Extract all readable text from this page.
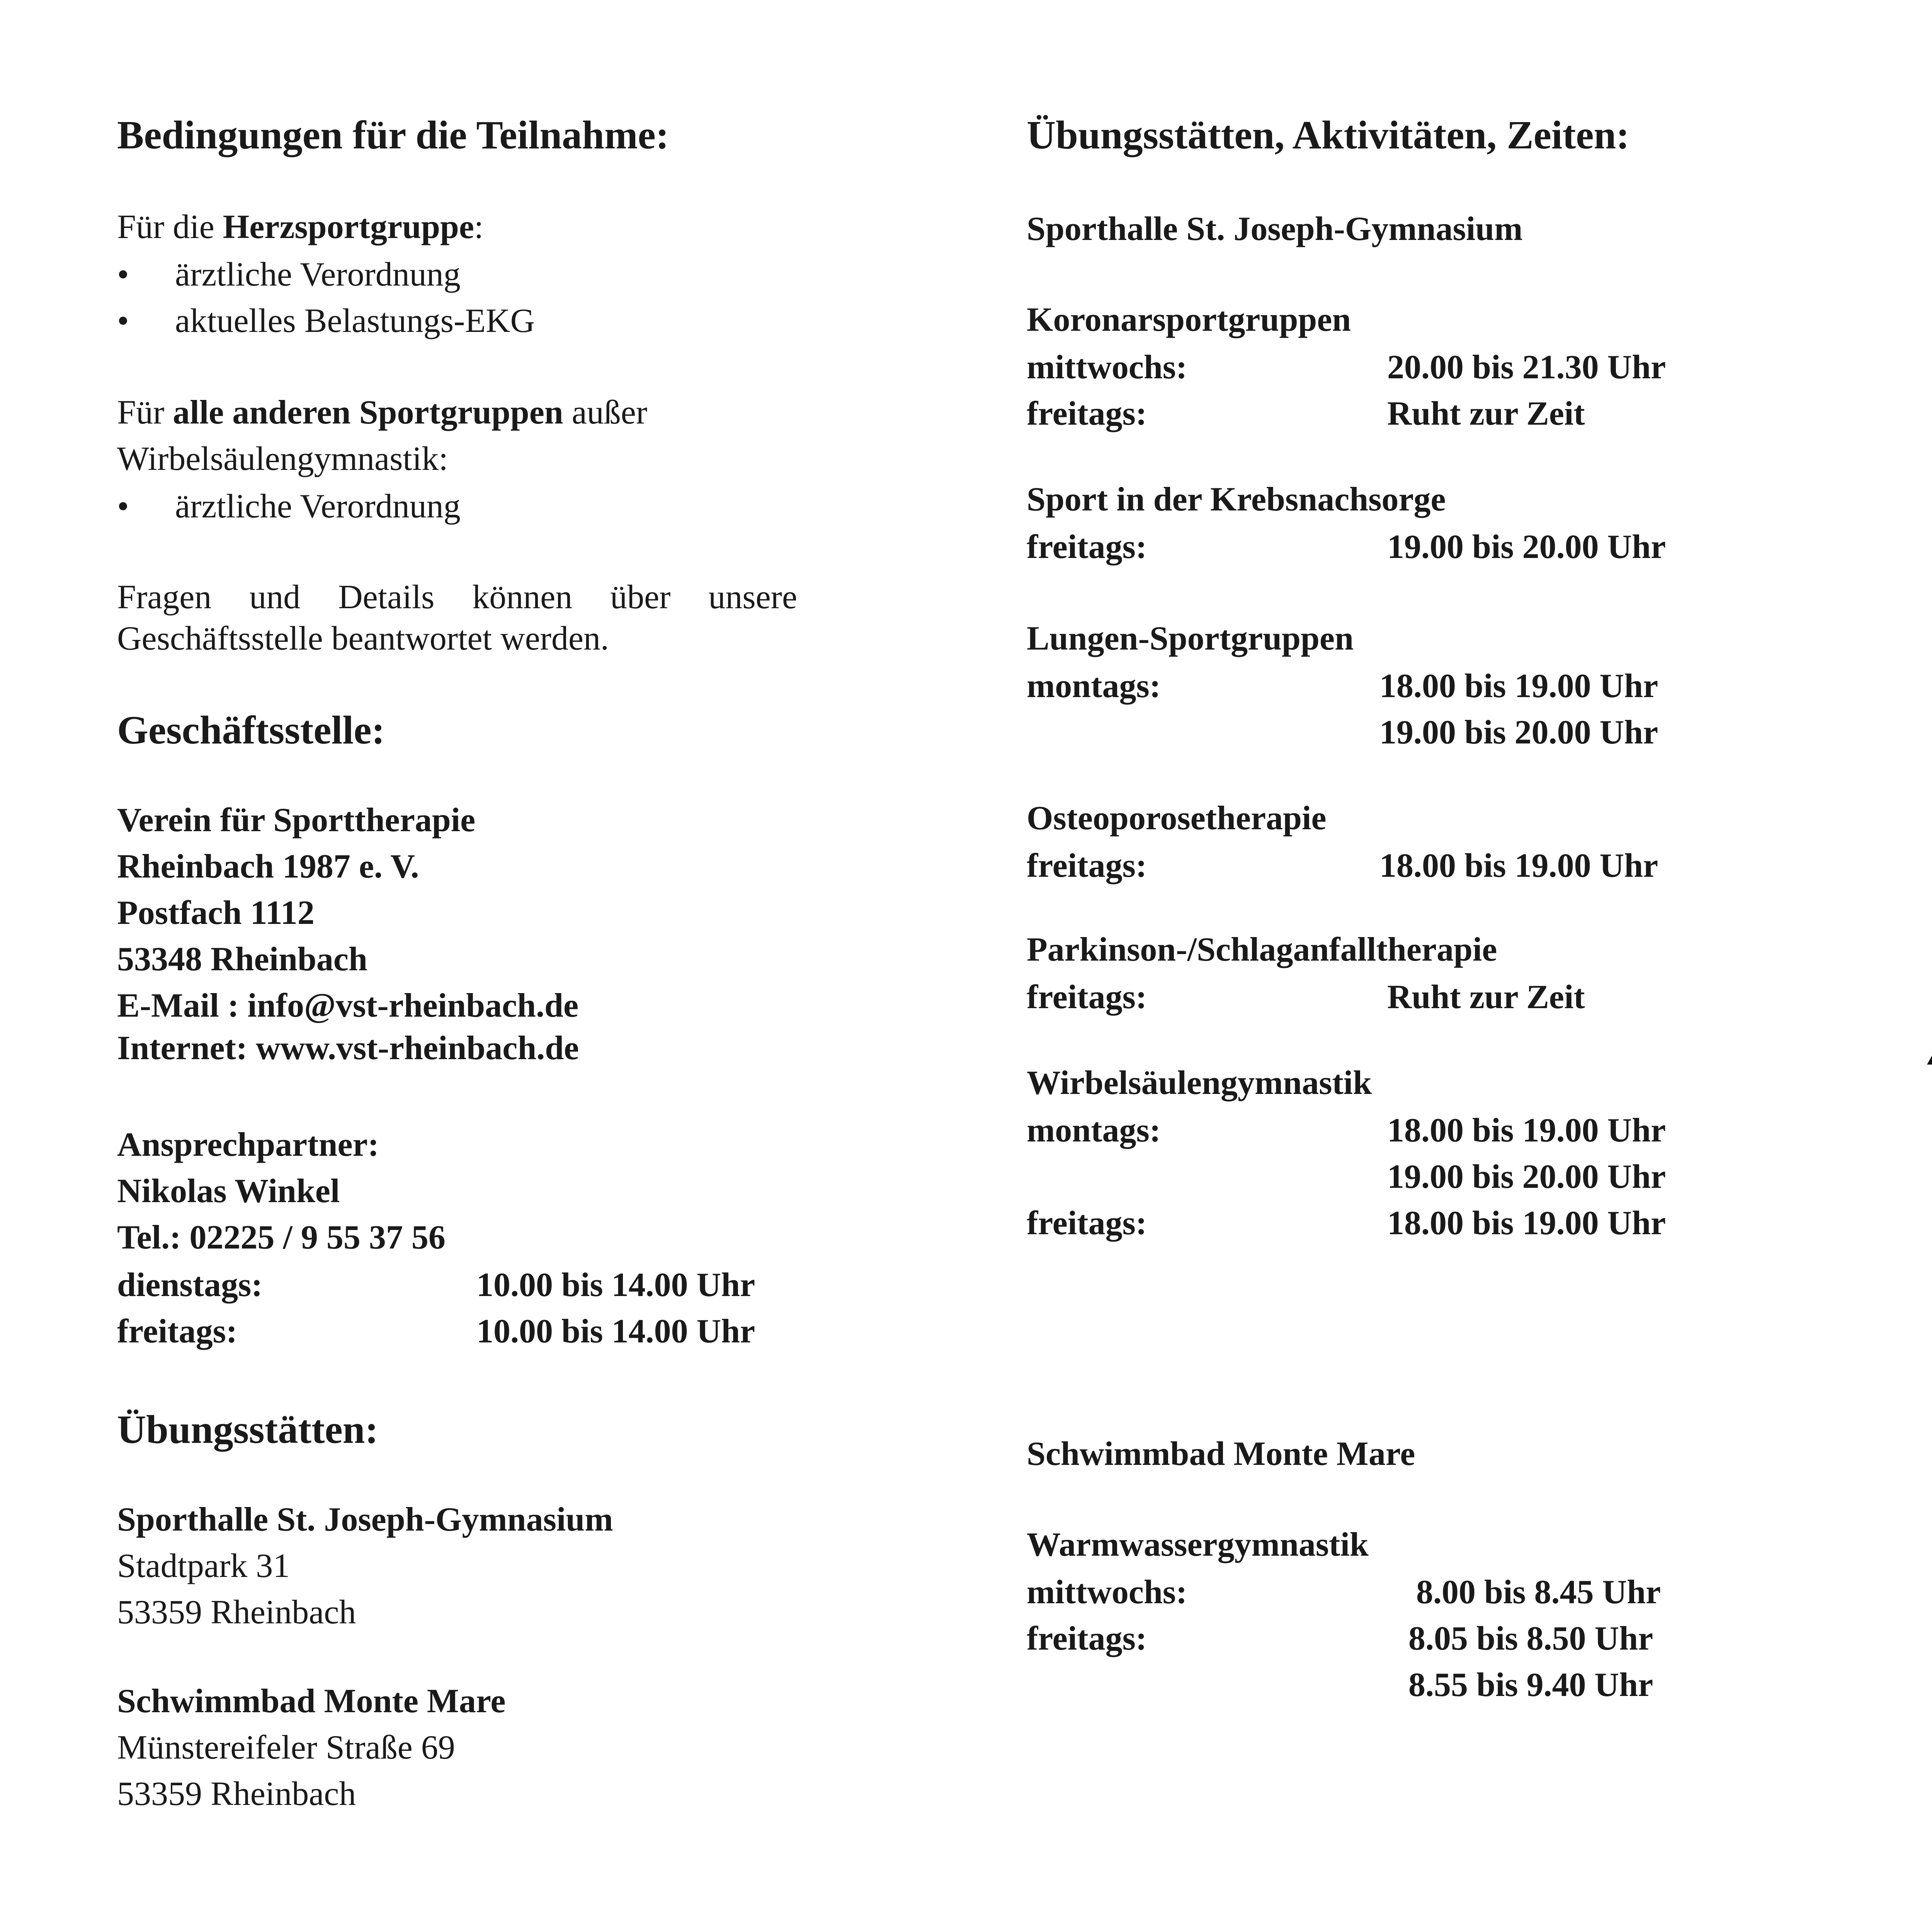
Bedingungen für die Teilnahme:
Für die Herzsportgruppe:
• ärztliche Verordnung
• aktuelles Belastungs-EKG
Für alle anderen Sportgruppen außer
Wirbelsäulengymnastik:
• ärztliche Verordnung
Fragen und Details können über unsere
Geschäftsstelle beantwortet werden.
Geschäftsstelle:
Verein für Sporttherapie
Rheinbach 1987 e. V.
Postfach 1112
53348 Rheinbach
E-Mail : info@vst-rheinbach.de
Internet: www.vst-rheinbach.de
Ansprechpartner:
Nikolas Winkel
Tel.: 02225 / 9 55 37 56
dienstags:	10.00 bis 14.00 Uhr
freitags:	10.00 bis 14.00 Uhr
Übungsstätten:
Sporthalle St. Joseph-Gymnasium
Stadtpark 31
53359 Rheinbach
Schwimmbad Monte Mare
Münstereifeler Straße 69
53359 Rheinbach
Übungsstätten, Aktivitäten, Zeiten:
Sporthalle St. Joseph-Gymnasium
Koronarsportgruppen
mittwochs:	20.00 bis 21.30 Uhr
freitags:	Ruht zur Zeit
Sport in der Krebsnachsorge
freitags:	19.00 bis 20.00 Uhr
Lungen-Sportgruppen
montags:	18.00 bis 19.00 Uhr
19.00 bis 20.00 Uhr
Osteoporosetherapie
freitags:	18.00 bis 19.00 Uhr
Parkinson-/Schlaganfalltherapie
freitags:	Ruht zur Zeit
Wirbelsäulengymnastik
montags:	18.00 bis 19.00 Uhr
19.00 bis 20.00 Uhr
freitags:	18.00 bis 19.00 Uhr
Schwimmbad Monte Mare
Warmwassergymnastik
mittwochs:	8.00 bis 8.45 Uhr
freitags:	8.05 bis 8.50 Uhr
8.55 bis 9.40 Uhr
